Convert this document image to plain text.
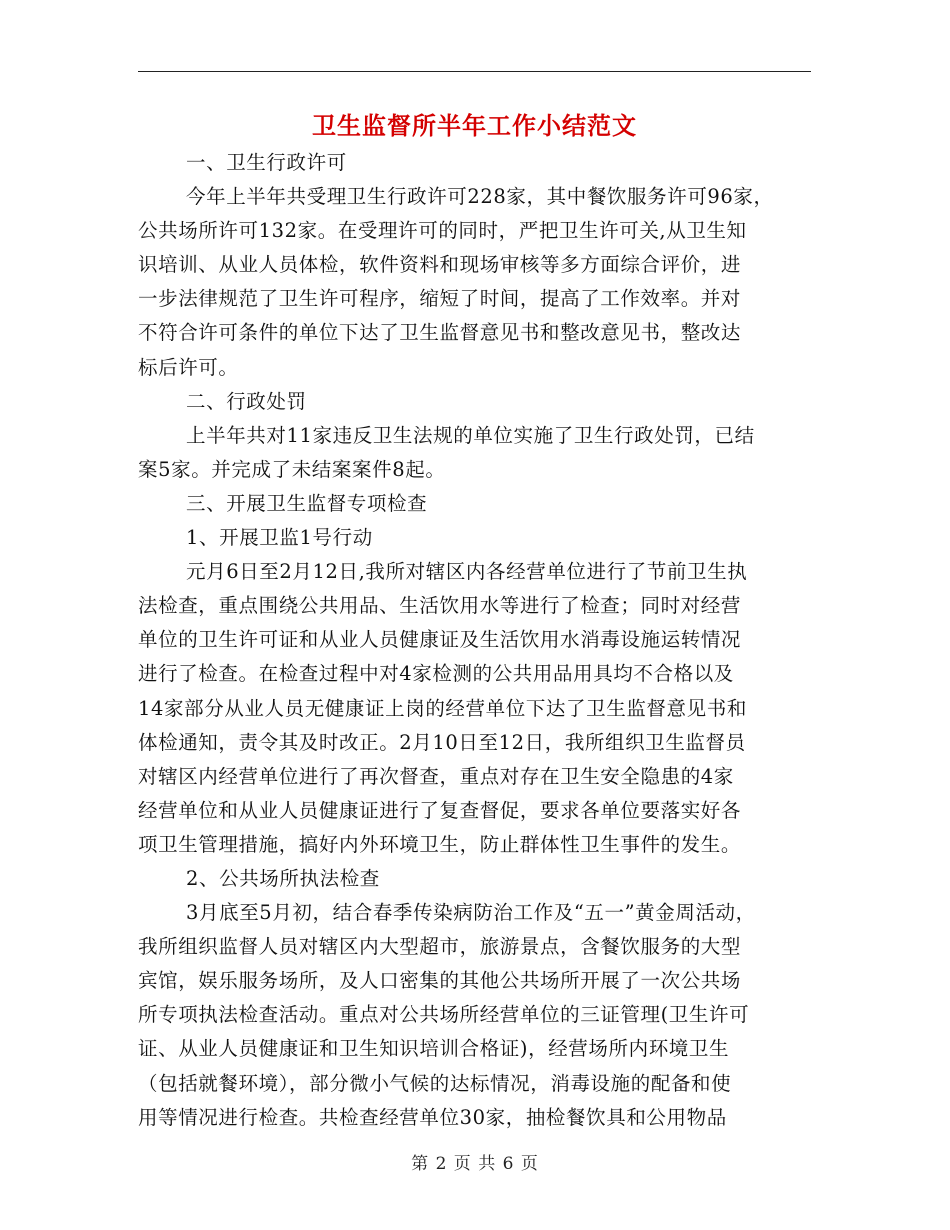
卫生监督所半年工作小结范文

一、卫生行政许可

今年上半年共受理卫生行政许可228家，其中餐饮服务许可96家，

公共场所许可132家。在受理许可的同时，严把卫生许可关,从卫生知

识培训、从业人员体检，软件资料和现场审核等多方面综合评价，进

一步法律规范了卫生许可程序，缩短了时间，提高了工作效率。并对

不符合许可条件的单位下达了卫生监督意见书和整改意见书，整改达

标后许可。

二、行政处罚

上半年共对11家违反卫生法规的单位实施了卫生行政处罚，已结

案5家。并完成了未结案案件8起。

三、开展卫生监督专项检查

1、开展卫监1号行动

元月6日至2月12日,我所对辖区内各经营单位进行了节前卫生执

法检查，重点围绕公共用品、生活饮用水等进行了检查；同时对经营

单位的卫生许可证和从业人员健康证及生活饮用水消毒设施运转情况

进行了检查。在检查过程中对4家检测的公共用品用具均不合格以及

14家部分从业人员无健康证上岗的经营单位下达了卫生监督意见书和

体检通知，责令其及时改正。2月10日至12日，我所组织卫生监督员

对辖区内经营单位进行了再次督查，重点对存在卫生安全隐患的4家

经营单位和从业人员健康证进行了复查督促，要求各单位要落实好各

项卫生管理措施，搞好内外环境卫生，防止群体性卫生事件的发生。

2、公共场所执法检查

3月底至5月初，结合春季传染病防治工作及“五一”黄金周活动，

我所组织监督人员对辖区内大型超市，旅游景点，含餐饮服务的大型

宾馆，娱乐服务场所，及人口密集的其他公共场所开展了一次公共场

所专项执法检查活动。重点对公共场所经营单位的三证管理(卫生许可

证、从业人员健康证和卫生知识培训合格证)，经营场所内环境卫生

（包括就餐环境），部分微小气候的达标情况，消毒设施的配备和使

用等情况进行检查。共检查经营单位30家，抽检餐饮具和公用物品

第 2 页 共 6 页
